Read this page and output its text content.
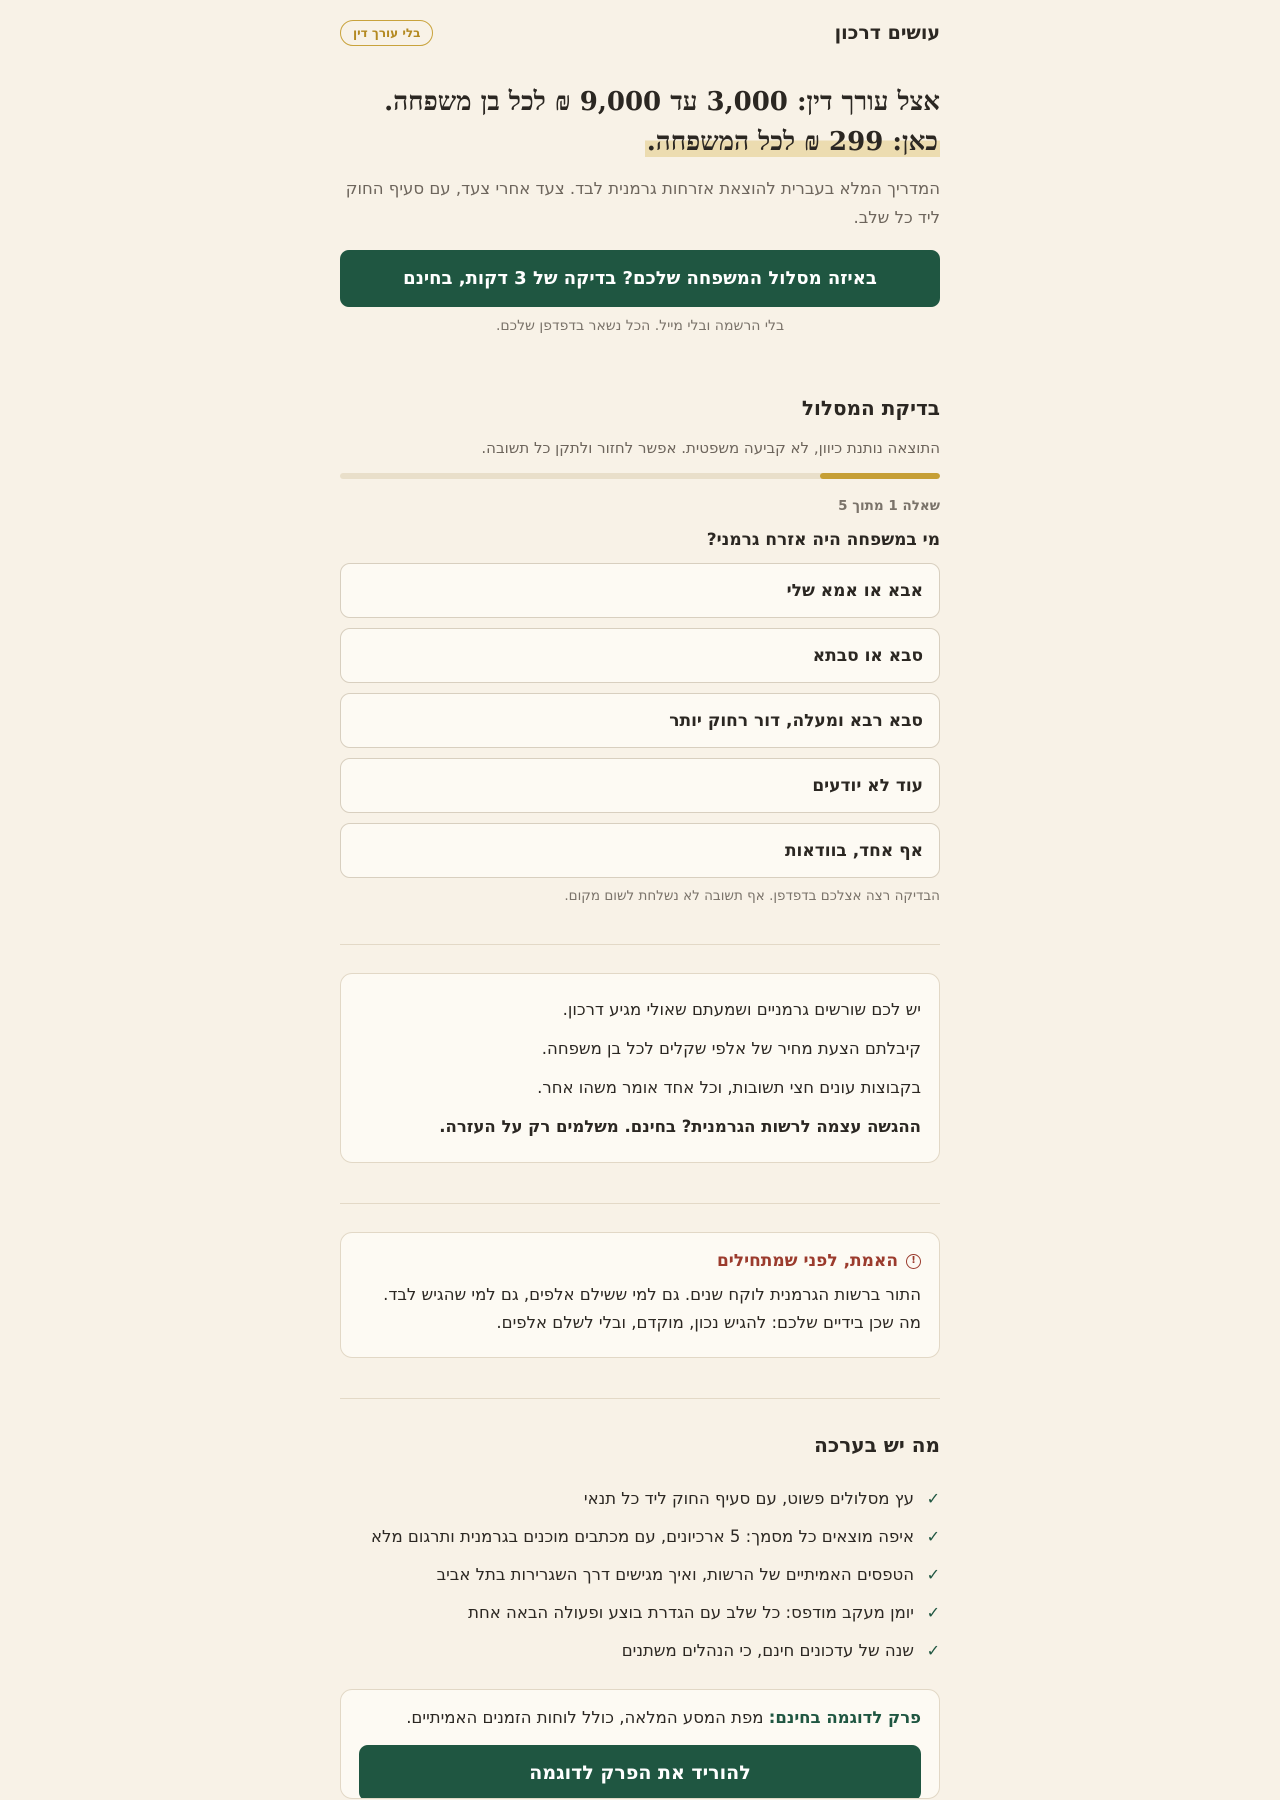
עושים דרכון
בלי עורך דין
אצל עורך דין: 3,000 עד 9,000 ₪ לכל בן משפחה.
כאן: 299 ₪ לכל המשפחה.
המדריך המלא בעברית להוצאת אזרחות גרמנית לבד. צעד אחרי צעד, עם סעיף החוק ליד כל שלב.
באיזה מסלול המשפחה שלכם? בדיקה של 3 דקות, בחינם
בלי הרשמה ובלי מייל. הכל נשאר בדפדפן שלכם.
בדיקת המסלול
התוצאה נותנת כיוון, לא קביעה משפטית. אפשר לחזור ולתקן כל תשובה.
שאלה 1 מתוך 5
מי במשפחה היה אזרח גרמני?
אבא או אמא שלי
סבא או סבתא
סבא רבא ומעלה, דור רחוק יותר
עוד לא יודעים
אף אחד, בוודאות
הבדיקה רצה אצלכם בדפדפן. אף תשובה לא נשלחת לשום מקום.

יש לכם שורשים גרמניים ושמעתם שאולי מגיע דרכון.

קיבלתם הצעת מחיר של אלפי שקלים לכל בן משפחה.

בקבוצות עונים חצי תשובות, וכל אחד אומר משהו אחר.

ההגשה עצמה לרשות הגרמנית? בחינם. משלמים רק על העזרה.

!
האמת, לפני שמתחילים
התור ברשות הגרמנית לוקח שנים. גם למי ששילם אלפים, גם למי שהגיש לבד.
מה שכן בידיים שלכם: להגיש נכון, מוקדם, ובלי לשלם אלפים.
מה יש בערכה
✓
עץ מסלולים פשוט, עם סעיף החוק ליד כל תנאי
✓
איפה מוצאים כל מסמך: 5 ארכיונים, עם מכתבים מוכנים בגרמנית ותרגום מלא
✓
הטפסים האמיתיים של הרשות, ואיך מגישים דרך השגרירות בתל אביב
✓
יומן מעקב מודפס: כל שלב עם הגדרת בוצע ופעולה הבאה אחת
✓
שנה של עדכונים חינם, כי הנהלים משתנים
פרק לדוגמה בחינם: מפת המסע המלאה, כולל לוחות הזמנים האמיתיים.
להוריד את הפרק לדוגמה
